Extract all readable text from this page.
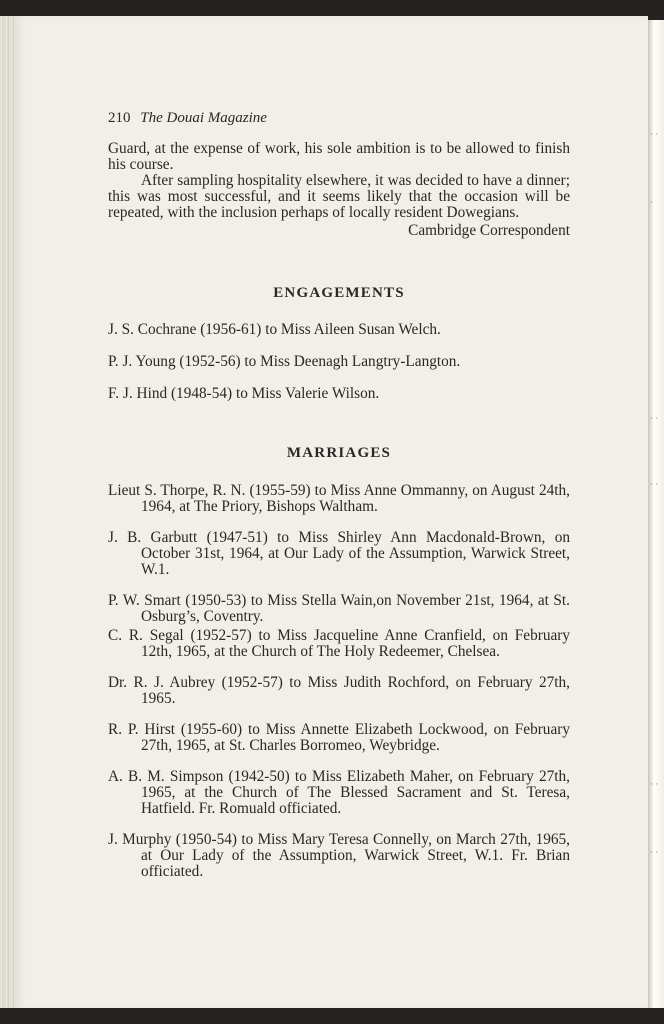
· ·
·
· ·
· ·
· ·
· ·
210 The Douai Magazine

Guard, at the expense of work, his sole ambition is to be allowed to finish his course.

After sampling hospitality elsewhere, it was decided to have a dinner; this was most successful, and it seems likely that the occasion will be repeated, with the inclusion perhaps of locally resident Dowegians.

Cambridge Correspondent

ENGAGEMENTS

J. S. Cochrane (1956-61) to Miss Aileen Susan Welch.

P. J. Young (1952-56) to Miss Deenagh Langtry-Langton.

F. J. Hind (1948-54) to Miss Valerie Wilson.

MARRIAGES

Lieut S. Thorpe, R. N. (1955-59) to Miss Anne Ommanny, on August 24th, 1964, at The Priory, Bishops Waltham.

J. B. Garbutt (1947-51) to Miss Shirley Ann Macdonald-Brown, on October 31st, 1964, at Our Lady of the Assumption, Warwick Street, W.1.

P. W. Smart (1950-53) to Miss Stella Wain,on November 21st, 1964, at St. Osburg’s, Coventry.

C. R. Segal (1952-57) to Miss Jacqueline Anne Cranfield, on February 12th, 1965, at the Church of The Holy Redeemer, Chelsea.

Dr. R. J. Aubrey (1952-57) to Miss Judith Rochford, on February 27th, 1965.

R. P. Hirst (1955-60) to Miss Annette Elizabeth Lockwood, on February 27th, 1965, at St. Charles Borromeo, Weybridge.

A. B. M. Simpson (1942-50) to Miss Elizabeth Maher, on February 27th, 1965, at the Church of The Blessed Sacrament and St. Teresa, Hatfield. Fr. Romuald officiated.

J. Murphy (1950-54) to Miss Mary Teresa Connelly, on March 27th, 1965, at Our Lady of the Assumption, Warwick Street, W.1. Fr. Brian officiated.
